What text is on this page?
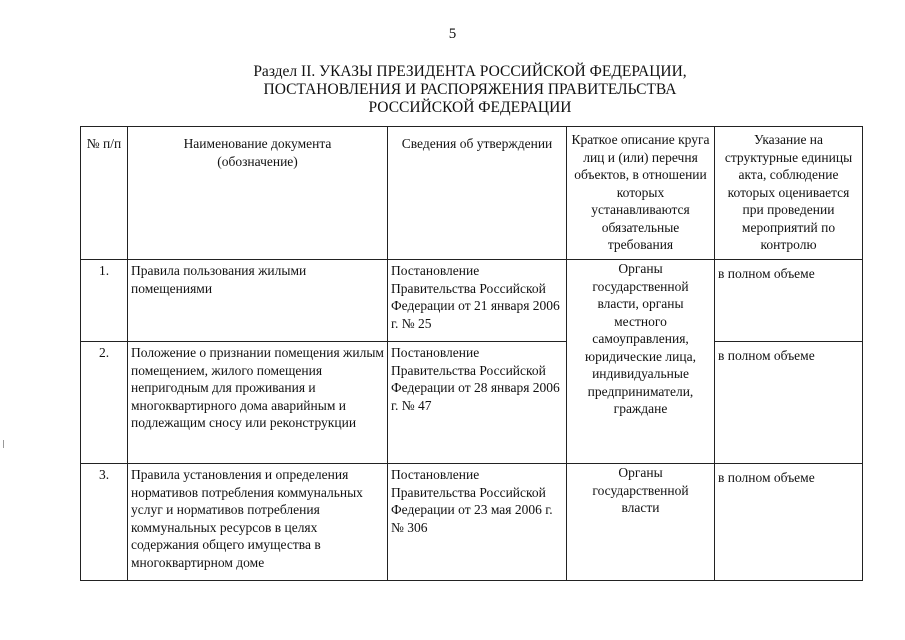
5
Раздел II. УКАЗЫ ПРЕЗИДЕНТА РОССИЙСКОЙ ФЕДЕРАЦИИ,
ПОСТАНОВЛЕНИЯ И РАСПОРЯЖЕНИЯ ПРАВИТЕЛЬСТВА
РОССИЙСКОЙ ФЕДЕРАЦИИ
№ п/п	Наименование документа (обозначение)	Сведения об утверждении	Краткое описание круга лиц и (или) перечня объектов, в отношении которых устанавливаются обязательные требования	Указание на структурные единицы акта, соблюдение которых оценивается при проведении мероприятий по контролю
1.	Правила пользования жилыми помещениями	Постановление Правительства Российской Федерации от 21 января 2006 г. № 25	Органы государственной власти, органы местного самоуправления, юридические лица, индивидуальные предприниматели, граждане	в полном объеме
2.	Положение о признании помещения жилым помещением, жилого помещения непригодным для проживания и многоквартирного дома аварийным и подлежащим сносу или реконструкции	Постановление Правительства Российской Федерации от 28 января 2006 г. № 47		в полном объеме
3.	Правила установления и определения нормативов потребления коммунальных услуг и нормативов потребления коммунальных ресурсов в целях содержания общего имущества в многоквартирном доме	Постановление Правительства Российской Федерации от 23 мая 2006 г. № 306	Органы государственной власти	в полном объеме
